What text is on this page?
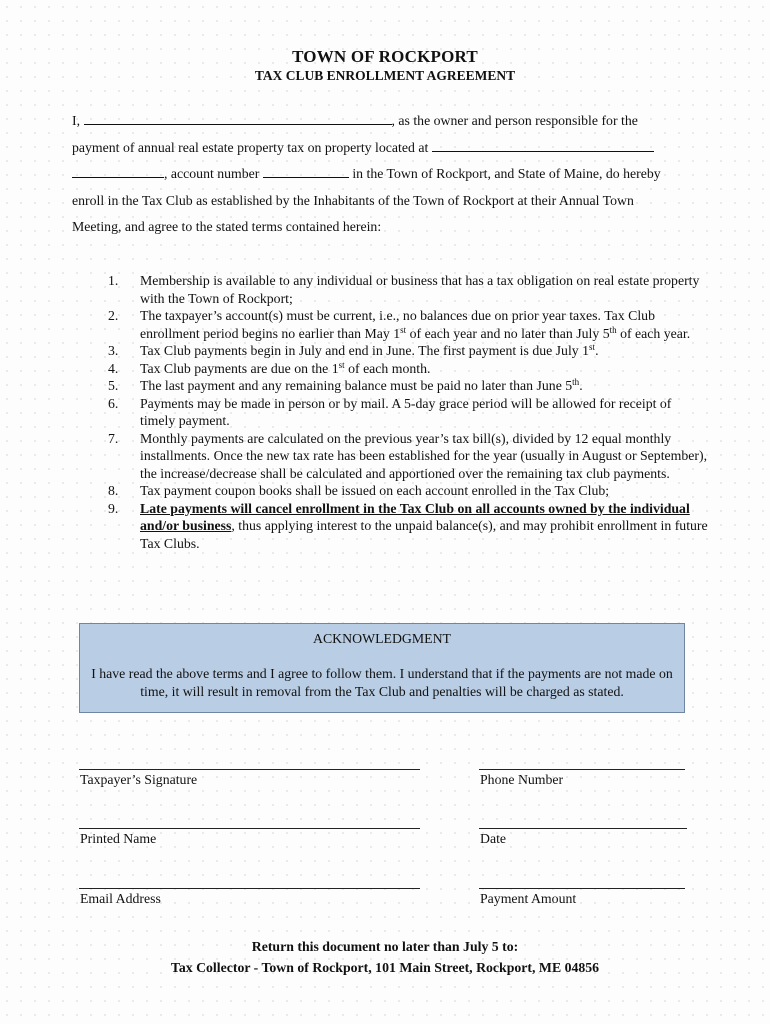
TOWN OF ROCKPORT
TAX CLUB ENROLLMENT AGREEMENT
I,	, as the owner and person responsible for the
payment of annual real estate property tax on property located at
, account number	in the Town of Rockport, and State of Maine, do hereby
enroll in the Tax Club as established by the Inhabitants of the Town of Rockport at their Annual Town
Meeting, and agree to the stated terms contained herein:
1.	Membership is available to any individual or business that has a tax obligation on real estate property with the Town of Rockport;
2.	The taxpayer’s account(s) must be current, i.e., no balances due on prior year taxes. Tax Club enrollment period begins no earlier than May 1st of each year and no later than July 5th of each year.
3.	Tax Club payments begin in July and end in June. The first payment is due July 1st.
4.	Tax Club payments are due on the 1st of each month.
5.	The last payment and any remaining balance must be paid no later than June 5th.
6.	Payments may be made in person or by mail. A 5-day grace period will be allowed for receipt of timely payment.
7.	Monthly payments are calculated on the previous year’s tax bill(s), divided by 12 equal monthly installments. Once the new tax rate has been established for the year (usually in August or September), the increase/decrease shall be calculated and apportioned over the remaining tax club payments.
8.	Tax payment coupon books shall be issued on each account enrolled in the Tax Club;
9.	Late payments will cancel enrollment in the Tax Club on all accounts owned by the individual and/or business, thus applying interest to the unpaid balance(s), and may prohibit enrollment in future Tax Clubs.
ACKNOWLEDGMENT
I have read the above terms and I agree to follow them. I understand that if the payments are not made on time, it will result in removal from the Tax Club and penalties will be charged as stated.
Taxpayer’s Signature	Phone Number
Printed Name	Date
Email Address	Payment Amount
Return this document no later than July 5 to:
Tax Collector - Town of Rockport, 101 Main Street, Rockport, ME 04856
